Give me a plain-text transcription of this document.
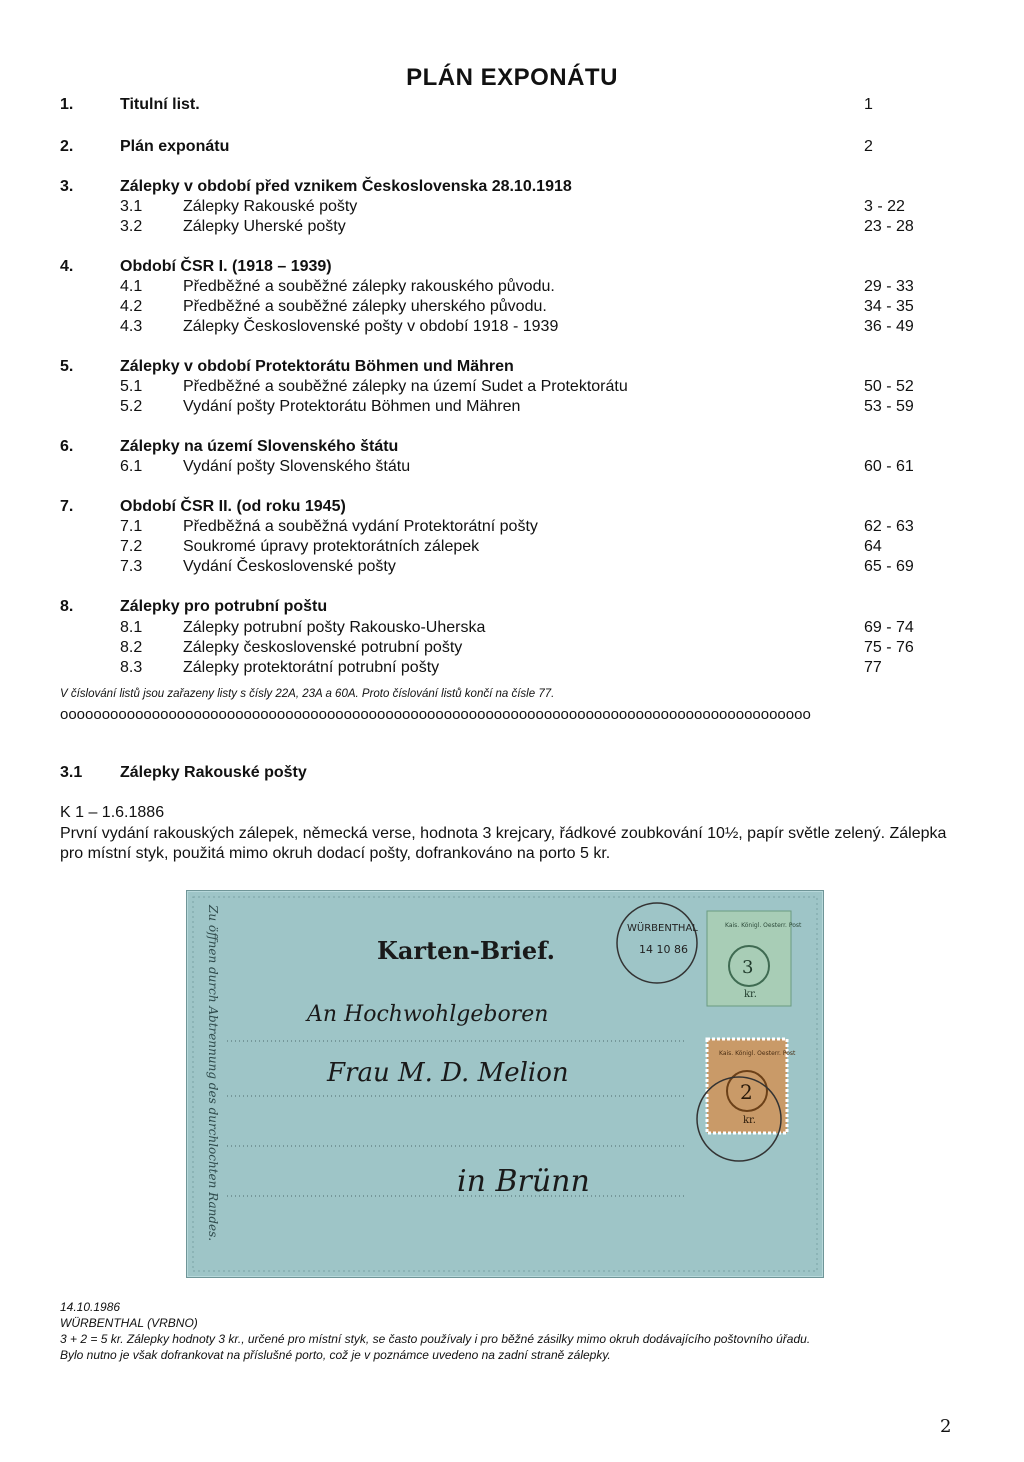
PLÁN EXPONÁTU
1.	Titulní list.	1
2.	Plán exponátu	2
3.	Zálepky v období před vznikem Československa 28.10.1918
3.1	Zálepky Rakouské pošty	3 - 22
3.2	Zálepky Uherské pošty	23 - 28
4.	Období ČSR I. (1918 – 1939)
4.1	Předběžné a souběžné zálepky rakouského původu.	29 - 33
4.2	Předběžné a souběžné zálepky uherského původu.	34 - 35
4.3	Zálepky Československé pošty v období 1918 - 1939	36 - 49
5.	Zálepky v období Protektorátu Böhmen und Mähren
5.1	Předběžné a souběžné zálepky na území Sudet a Protektorátu	50 - 52
5.2	Vydání pošty Protektorátu Böhmen und Mähren	53 - 59
6.	Zálepky na území Slovenského štátu
6.1	Vydání pošty Slovenského štátu	60 - 61
7.	Období ČSR II. (od roku 1945)
7.1	Předběžná a souběžná vydání Protektorátní pošty	62 - 63
7.2	Soukromé úpravy protektorátních zálepek	64
7.3	Vydání Československé pošty	65 - 69
8.	Zálepky pro potrubní poštu
8.1	Zálepky potrubní pošty Rakousko-Uherska	69 - 74
8.2	Zálepky československé potrubní pošty	75 - 76
8.3	Zálepky protektorátní potrubní pošty	77
V číslování listů jsou zařazeny listy s čísly 22A, 23A a 60A. Proto číslování listů končí na čísle 77.
oooooooooooooooooooooooooooooooooooooooooooooooooooooooooooooooooooooooooooooooooooooooooo
3.1 Zálepky Rakouské pošty
K 1 – 1.6.1886
První vydání rakouských zálepek, německá verse, hodnota 3 krejcary, řádkové zoubkování 10½, papír světle zelený. Zálepka pro místní styk, použitá mimo okruh dodací pošty, dofrankováno na porto 5 kr.
Zu öffnen durch Abtrennung des durchlochten Randes.	Karten-Brief.
An Hochwohlgeboren
Frau M. D. Melion
in Brünn
Kais. Königl. Oesterr. Post
3
kr.
WÜRBENTHAL
14 10 86
Kais. Königl. Oesterr. Post
2
kr.
14.10.1986
WÜRBENTHAL (VRBNO)
3 + 2 = 5 kr. Zálepky hodnoty 3 kr., určené pro místní styk, se často používaly i pro běžné zásilky mimo okruh dodávajícího poštovního úřadu.
Bylo nutno je však dofrankovat na příslušné porto, což je v poznámce uvedeno na zadní straně zálepky.
2
